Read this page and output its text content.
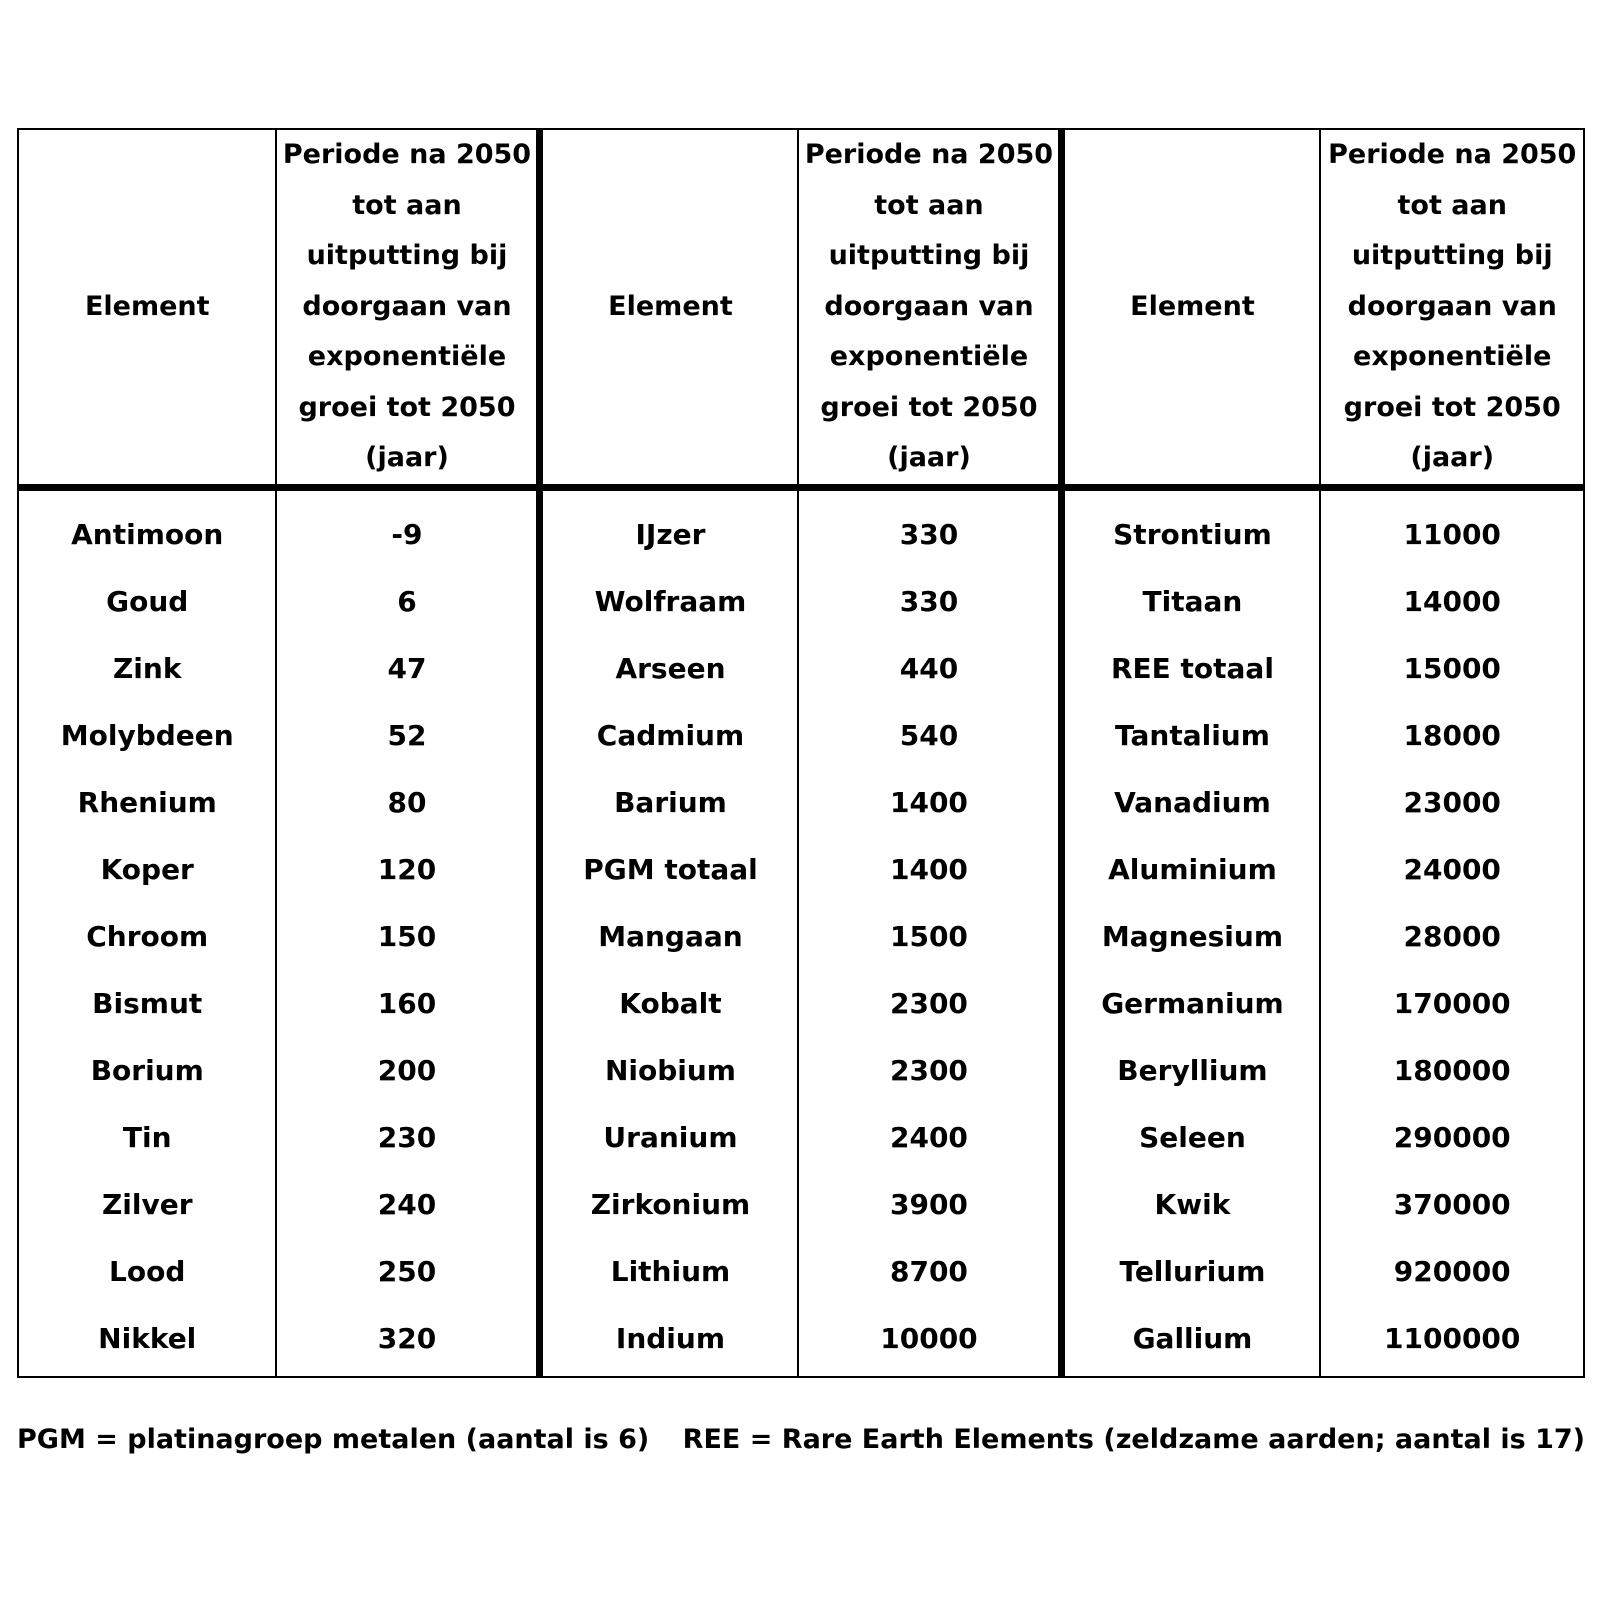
Element	Periode na 2050 tot aan uitputting bij doorgaan van exponentiële groei tot 2050 (jaar)	Element	Periode na 2050 tot aan uitputting bij doorgaan van exponentiële groei tot 2050 (jaar)	Element	Periode na 2050 tot aan uitputting bij doorgaan van exponentiële groei tot 2050 (jaar)
Antimoon	-9	IJzer	330	Strontium	11000
Goud	6	Wolfraam	330	Titaan	14000
Zink	47	Arseen	440	REE totaal	15000
Molybdeen	52	Cadmium	540	Tantalium	18000
Rhenium	80	Barium	1400	Vanadium	23000
Koper	120	PGM totaal	1400	Aluminium	24000
Chroom	150	Mangaan	1500	Magnesium	28000
Bismut	160	Kobalt	2300	Germanium	170000
Borium	200	Niobium	2300	Beryllium	180000
Tin	230	Uranium	2400	Seleen	290000
Zilver	240	Zirkonium	3900	Kwik	370000
Lood	250	Lithium	8700	Tellurium	920000
Nikkel	320	Indium	10000	Gallium	1100000
PGM = platinagroep metalen (aantal is 6) REE = Rare Earth Elements (zeldzame aarden; aantal is 17)
